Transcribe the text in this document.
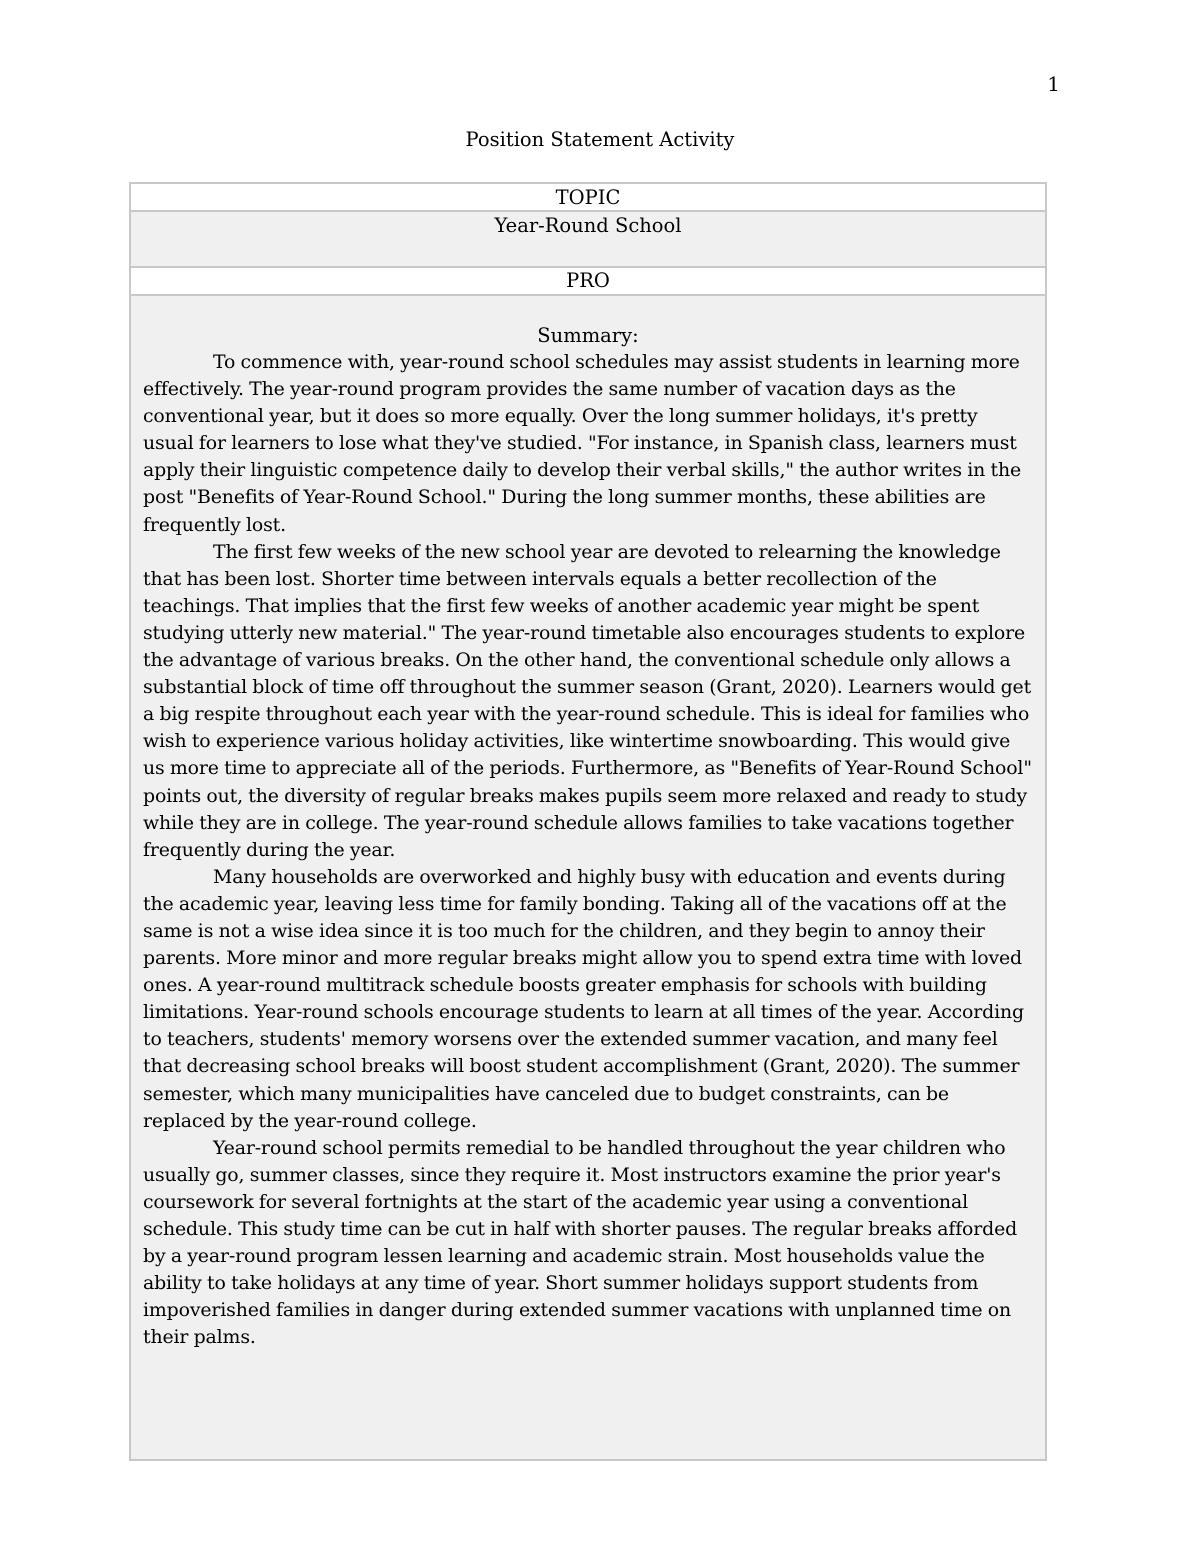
1
Position Statement Activity
TOPIC
Year-Round School
PRO
Summary:

To commence with, year-round school schedules may assist students in learning more effectively. The year-round program provides the same number of vacation days as the conventional year, but it does so more equally. Over the long summer holidays, it's pretty usual for learners to lose what they've studied. "For instance, in Spanish class, learners must apply their linguistic competence daily to develop their verbal skills," the author writes in the post "Benefits of Year-Round School." During the long summer months, these abilities are frequently lost.

The first few weeks of the new school year are devoted to relearning the knowledge that has been lost. Shorter time between intervals equals a better recollection of the teachings. That implies that the first few weeks of another academic year might be spent studying utterly new material." The year-round timetable also encourages students to explore the advantage of various breaks. On the other hand, the conventional schedule only allows a substantial block of time off throughout the summer season (Grant, 2020). Learners would get a big respite throughout each year with the year-round schedule. This is ideal for families who wish to experience various holiday activities, like wintertime snowboarding. This would give us more time to appreciate all of the periods. Furthermore, as "Benefits of Year-Round School" points out, the diversity of regular breaks makes pupils seem more relaxed and ready to study while they are in college. The year-round schedule allows families to take vacations together frequently during the year.

Many households are overworked and highly busy with education and events during the academic year, leaving less time for family bonding. Taking all of the vacations off at the same is not a wise idea since it is too much for the children, and they begin to annoy their parents. More minor and more regular breaks might allow you to spend extra time with loved ones. A year-round multitrack schedule boosts greater emphasis for schools with building limitations. Year-round schools encourage students to learn at all times of the year. According to teachers, students' memory worsens over the extended summer vacation, and many feel that decreasing school breaks will boost student accomplishment (Grant, 2020). The summer semester, which many municipalities have canceled due to budget constraints, can be replaced by the year-round college.

Year-round school permits remedial to be handled throughout the year children who usually go, summer classes, since they require it. Most instructors examine the prior year's coursework for several fortnights at the start of the academic year using a conventional schedule. This study time can be cut in half with shorter pauses. The regular breaks afforded by a year-round program lessen learning and academic strain. Most households value the ability to take holidays at any time of year. Short summer holidays support students from impoverished families in danger during extended summer vacations with unplanned time on their palms.
